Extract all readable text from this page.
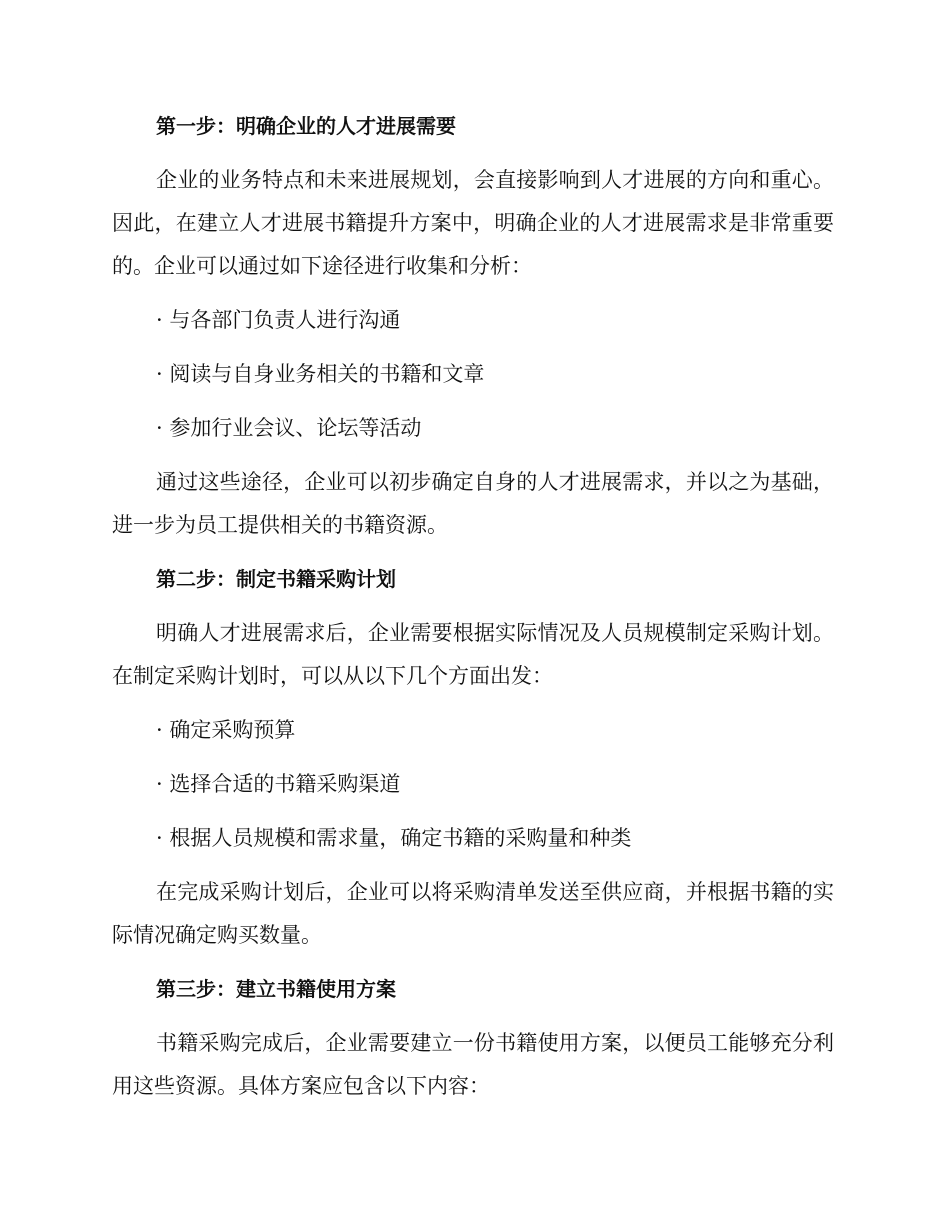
第一步：明确企业的人才进展需要

企业的业务特点和未来进展规划，会直接影响到人才进展的方向和重心。因此，在建立人才进展书籍提升方案中，明确企业的人才进展需求是非常重要的。企业可以通过如下途径进行收集和分析：

· 与各部门负责人进行沟通

· 阅读与自身业务相关的书籍和文章

· 参加行业会议、论坛等活动

通过这些途径，企业可以初步确定自身的人才进展需求，并以之为基础，进一步为员工提供相关的书籍资源。

第二步：制定书籍采购计划

明确人才进展需求后，企业需要根据实际情况及人员规模制定采购计划。在制定采购计划时，可以从以下几个方面出发：

· 确定采购预算

· 选择合适的书籍采购渠道

· 根据人员规模和需求量，确定书籍的采购量和种类

在完成采购计划后，企业可以将采购清单发送至供应商，并根据书籍的实际情况确定购买数量。

第三步：建立书籍使用方案

书籍采购完成后，企业需要建立一份书籍使用方案，以便员工能够充分利用这些资源。具体方案应包含以下内容：
